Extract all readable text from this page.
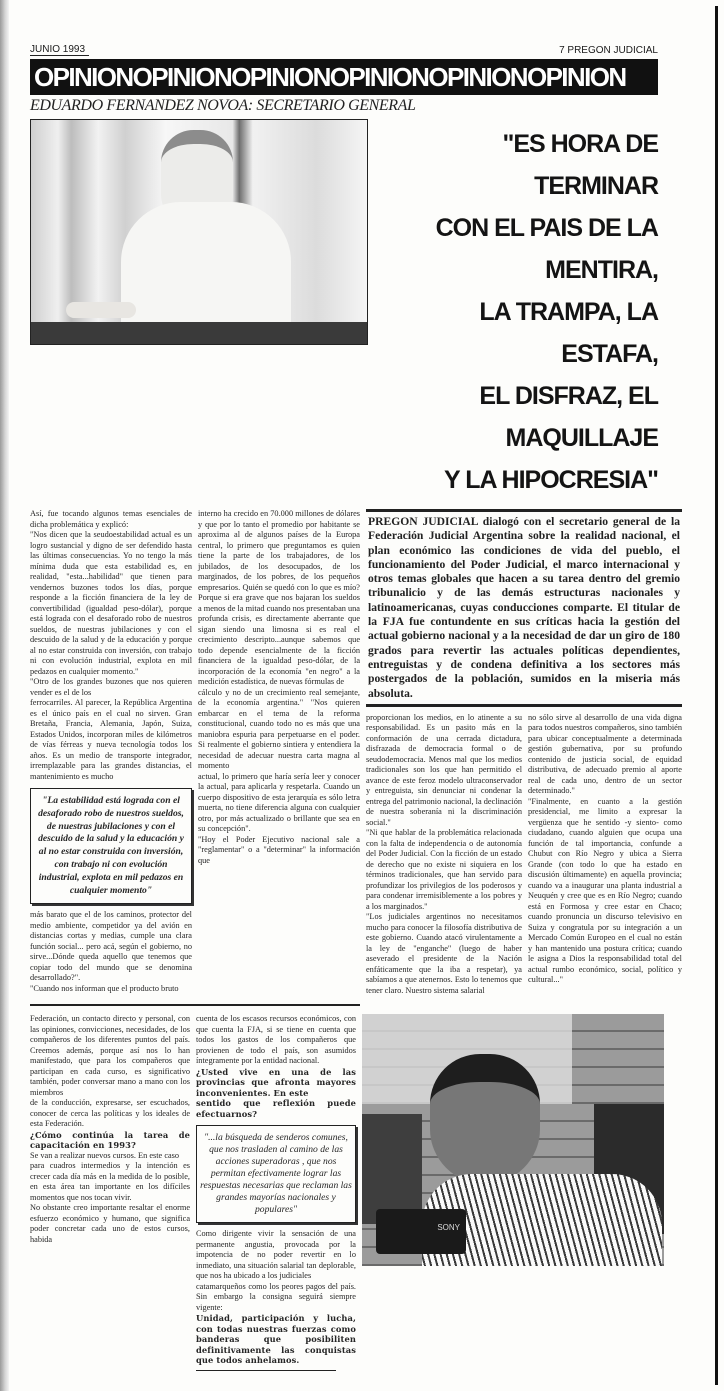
JUNIO 1993	7 PREGON JUDICIAL
OPINIONOPINIONOPINIONOPINIONOPINIONOPINION
EDUARDO FERNANDEZ NOVOA: SECRETARIO GENERAL
"ES HORA DE TERMINAR
CON EL PAIS DE LA MENTIRA,
LA TRAMPA, LA ESTAFA,
EL DISFRAZ, EL MAQUILLAJE
Y LA HIPOCRESIA"

Así, fue tocando algunos temas esenciales de dicha problemática y explicó:

"Nos dicen que la seudoestabilidad actual es un logro sustancial y digno de ser defendido hasta las últimas consecuencias. Yo no tengo la más mínima duda que esta estabilidad es, en realidad, "esta...habilidad" que tienen para vendernos buzones todos los días, porque responde a la ficción financiera de la ley de convertibilidad (igualdad peso-dólar), porque está lograda con el desaforado robo de nuestros sueldos, de nuestras jubilaciones y con el descuido de la salud y de la educación y porque al no estar construida con inversión, con trabajo ni con evolución industrial, explota en mil pedazos en cualquier momento."

"Otro de los grandes buzones que nos quieren vender es el de los

ferrocarriles. Al parecer, la República Argentina es el único país en el cual no sirven. Gran Bretaña, Francia, Alemania, Japón, Suiza, Estados Unidos, incorporan miles de kilómetros de vías férreas y nueva tecnología todos los años. Es un medio de transporte integrador, irremplazable para las grandes distancias, el mantenimiento es mucho

"La estabilidad está lograda con el desaforado robo de nuestros sueldos, de nuestras jubilaciones y con el descuido de la salud y la educación y al no estar construida con inversión, con trabajo ni con evolución industrial, explota en mil pedazos en cualquier momento"

más barato que el de los caminos, protector del medio ambiente, competidor ya del avión en distancias cortas y medias, cumple una clara función social... pero acá, según el gobierno, no sirve...Dónde queda aquello que tenemos que copiar todo del mundo que se denomina desarrollado?".

"Cuando nos informan que el producto bruto

interno ha crecido en 70.000 millones de dólares y que por lo tanto el promedio por habitante se aproxima al de algunos países de la Europa central, lo primero que preguntamos es quien tiene la parte de los trabajadores, de los jubilados, de los desocupados, de los marginados, de los pobres, de los pequeños empresarios. Quién se quedó con lo que es mío? Porque si era grave que nos bajaran los sueldos a menos de la mitad cuando nos presentaban una profunda crisis, es directamente aberrante que sigan siendo una limosna si es real el crecimiento descripto...aunque sabemos que todo depende esencialmente de la ficción financiera de la igualdad peso-dólar, de la incorporación de la economía "en negro" a la medición estadística, de nuevas fórmulas de

cálculo y no de un crecimiento real semejante, de la economía argentina." "Nos quieren embarcar en el tema de la reforma constitucional, cuando todo no es más que una maniobra espuria para perpetuarse en el poder. Si realmente el gobierno sintiera y entendiera la necesidad de adecuar nuestra carta magna al momento

actual, lo primero que haría sería leer y conocer la actual, para aplicarla y respetarla. Cuando un cuerpo dispositivo de esta jerarquía es sólo letra muerta, no tiene diferencia alguna con cualquier otro, por más actualizado o brillante que sea en su concepción".

"Hoy el Poder Ejecutivo nacional sale a "reglamentar" o a "determinar" la información que

PREGON JUDICIAL dialogó con el secretario general de la Federación Judicial Argentina sobre la realidad nacional, el plan económico las condiciones de vida del pueblo, el funcionamiento del Poder Judicial, el marco internacional y otros temas globales que hacen a su tarea dentro del gremio tribunalicio y de las demás estructuras nacionales y latinoamericanas, cuyas conducciones comparte. El titular de la FJA fue contundente en sus críticas hacia la gestión del actual gobierno nacional y a la necesidad de dar un giro de 180 grados para revertir las actuales políticas dependientes, entreguistas y de condena definitiva a los sectores más postergados de la población, sumidos en la miseria más absoluta.

proporcionan los medios, en lo atinente a su responsabilidad. Es un pasito más en la conformación de una cerrada dictadura, disfrazada de democracia formal o de seudodemocracia. Menos mal que los medios tradicionales son los que han permitido el avance de este feroz modelo ultraconservador y entreguista, sin denunciar ni condenar la entrega del patrimonio nacional, la declinación de nuestra soberanía ni la discriminación social."

"Ni que hablar de la problemática relacionada con la falta de independencia o de autonomía del Poder Judicial. Con la ficción de un estado de derecho que no existe ni siquiera en los términos tradicionales, que han servido para profundizar los privilegios de los poderosos y para condenar irremisiblemente a los pobres y a los marginados."

"Los judiciales argentinos no necesitamos mucho para conocer la filosofía distributiva de este gobierno. Cuando atacó virulentamente a la ley de "enganche" (luego de haber aseverado el presidente de la Nación enfáticamente que la iba a respetar), ya sabíamos a que atenernos. Esto lo tenemos que tener claro. Nuestro sistema salarial

no sólo sirve al desarrollo de una vida digna para todos nuestros compañeros, sino también para ubicar conceptualmente a determinada gestión gubernativa, por su profundo contenido de justicia social, de equidad distributiva, de adecuado premio al aporte real de cada uno, dentro de un sector determinado."

"Finalmente, en cuanto a la gestión presidencial, me limito a expresar la vergüenza que he sentido -y siento- como ciudadano, cuando alguien que ocupa una función de tal importancia, confunde a Chubut con Río Negro y ubica a Sierra Grande (con todo lo que ha estado en discusión últimamente) en aquella provincia; cuando va a inaugurar una planta industrial a Neuquén y cree que es en Río Negro; cuando está en Formosa y cree estar en Chaco; cuando pronuncia un discurso televisivo en Suiza y congratula por su integración a un Mercado Común Europeo en el cual no están y han mantenido una postura crítica; cuando le asigna a Dios la responsabilidad total del actual rumbo económico, social, político y cultural..."

Federación, un contacto directo y personal, con las opiniones, convicciones, necesidades, de los compañeros de los diferentes puntos del país. Creemos además, porque así nos lo han manifestado, que para los compañeros que participan en cada curso, es significativo también, poder conversar mano a mano con los miembros

de la conducción, expresarse, ser escuchados, conocer de cerca las políticas y los ideales de esta Federación.

¿Cómo continúa la tarea de capacitación en 1993?

Se van a realizar nuevos cursos. En este caso

para cuadros intermedios y la intención es crecer cada día más en la medida de lo posible, en esta área tan importante en los difíciles momentos que nos tocan vivir.

No obstante creo importante resaltar el enorme esfuerzo económico y humano, que significa poder concretar cada uno de estos cursos, habida

cuenta de los escasos recursos económicos, con que cuenta la FJA, si se tiene en cuenta que todos los gastos de los compañeros que provienen de todo el país, son asumidos íntegramente por la entidad nacional.

¿Usted vive en una de las provincias que afronta mayores inconvenientes. En este

sentido que reflexión puede efectuarnos?

"...la búsqueda de senderos comunes, que nos trasladen al camino de las acciones superadoras , que nos permitan efectivamente lograr las respuestas necesarias que reclaman las grandes mayorías nacionales y populares"

Como dirigente vivir la sensación de una permanente angustia, provocada por la impotencia de no poder revertir en lo inmediato, una situación salarial tan deplorable, que nos ha ubicado a los judiciales

catamarqueños como los peores pagos del país. Sin embargo la consigna seguirá siempre vigente:

Unidad, participación y lucha, con todas nuestras fuerzas como banderas que posibiliten definitivamente las conquistas que todos anhelamos.

SONY
